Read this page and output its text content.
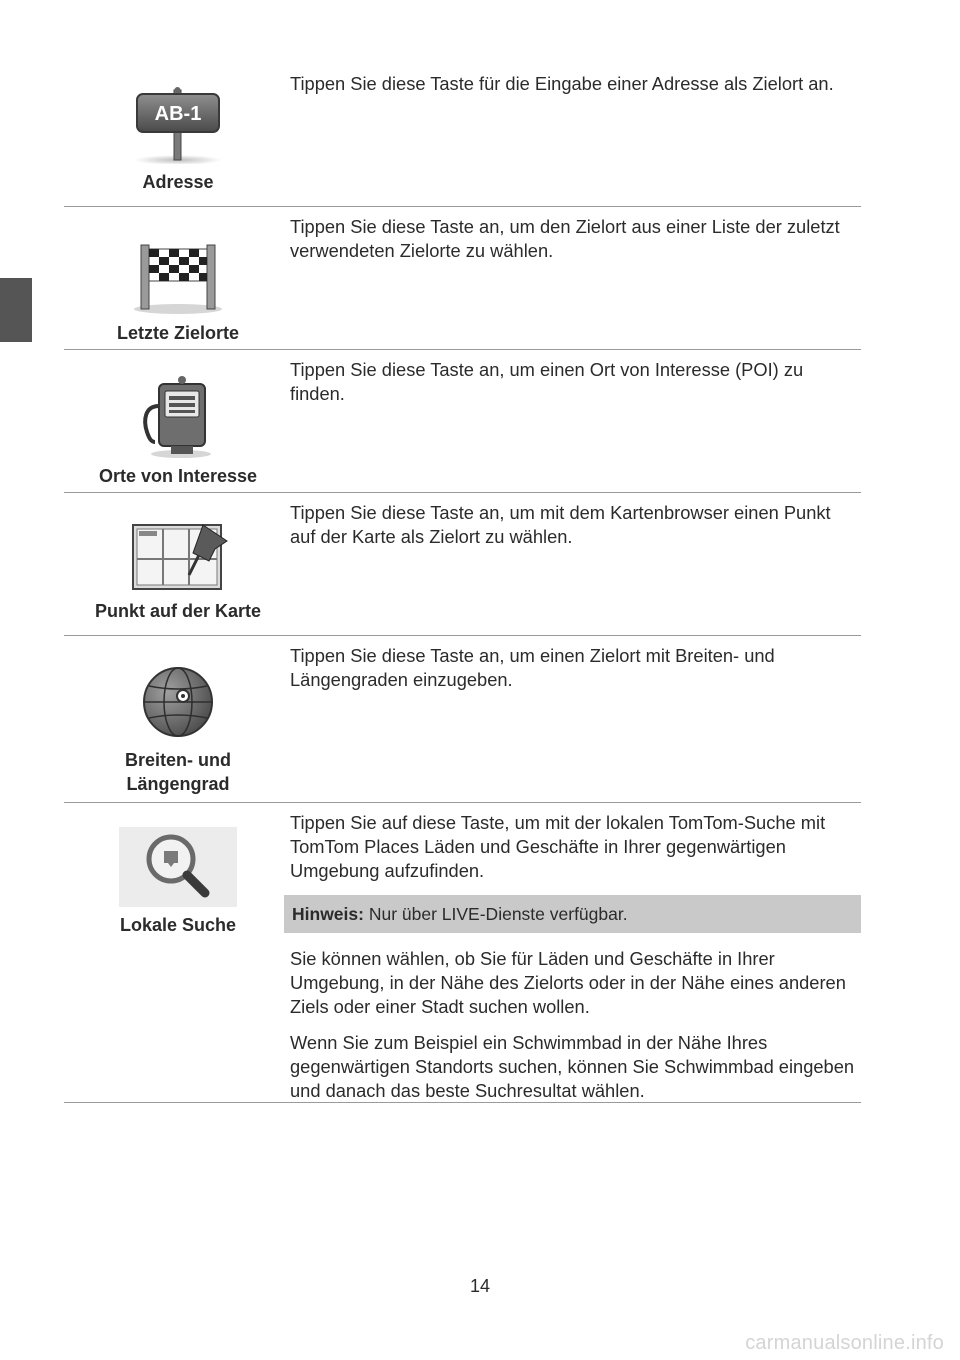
AB-1
Adresse

Tippen Sie diese Taste für die Eingabe einer Adresse als Zielort an.

Letzte Zielorte

Tippen Sie diese Taste an, um den Zielort aus einer Liste der zuletzt verwendeten Zielorte zu wählen.

Orte von Interesse

Tippen Sie diese Taste an, um einen Ort von Interesse (POI) zu finden.

Punkt auf der Karte

Tippen Sie diese Taste an, um mit dem Kartenbrowser einen Punkt auf der Karte als Zielort zu wählen.

Breiten- und
Längengrad

Tippen Sie diese Taste an, um einen Zielort mit Breiten- und Längengraden einzugeben.

Lokale Suche

Tippen Sie auf diese Taste, um mit der lokalen TomTom-Suche mit TomTom Places Läden und Geschäfte in Ihrer gegenwärtigen Umgebung aufzufinden.

Hinweis: Nur über LIVE-Dienste verfügbar.

Sie können wählen, ob Sie für Läden und Geschäfte in Ihrer Umgebung, in der Nähe des Zielorts oder in der Nähe eines anderen Ziels oder einer Stadt suchen wollen.

Wenn Sie zum Beispiel ein Schwimmbad in der Nähe Ihres gegenwärtigen Standorts suchen, können Sie Schwimmbad eingeben und danach das beste Suchresultat wählen.

14
carmanualsonline.info
